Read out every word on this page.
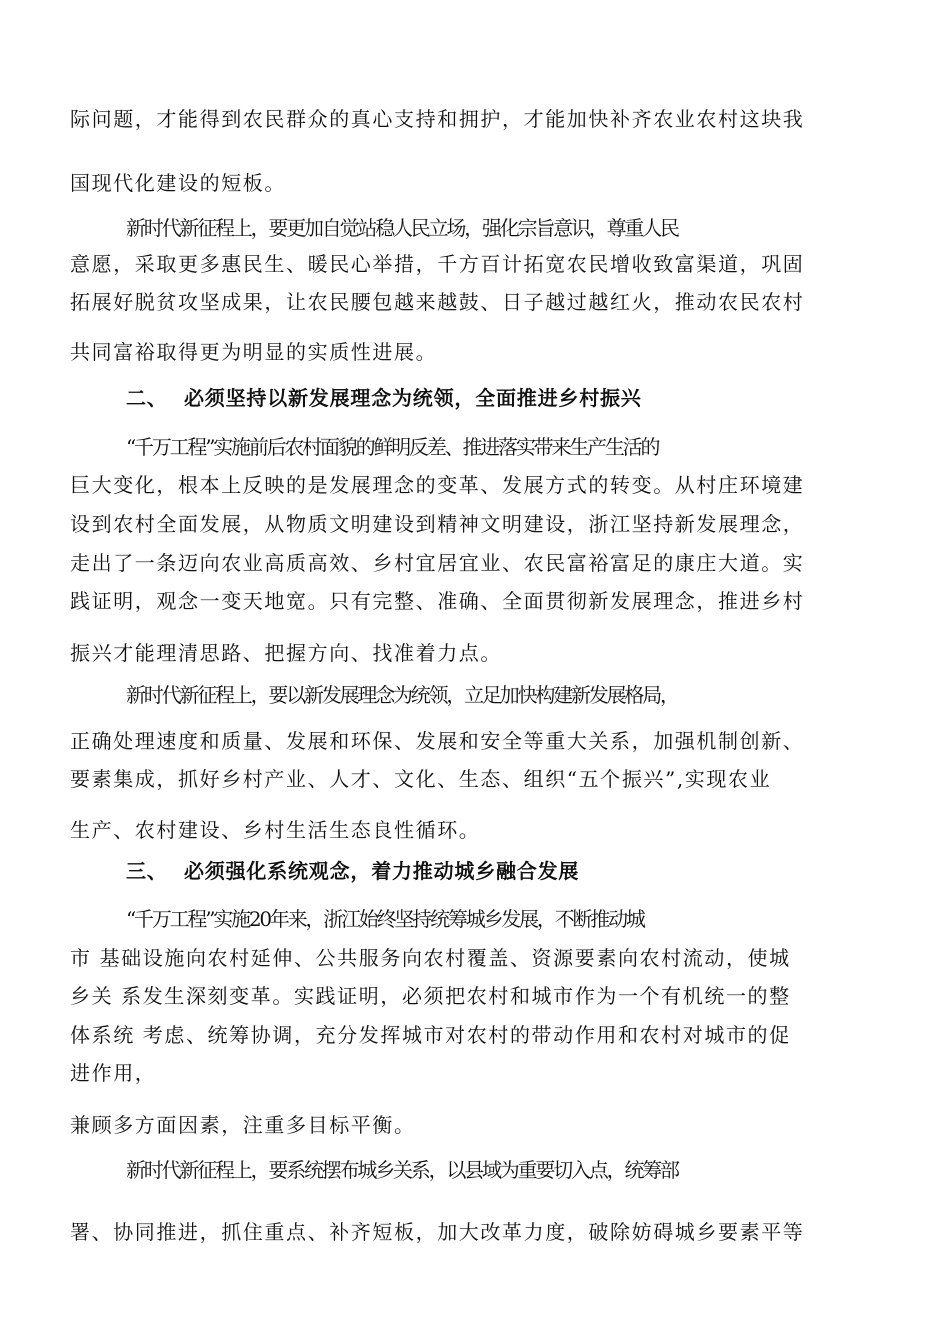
际问题，才能得到农民群众的真心支持和拥护，才能加快补齐农业农村这块我
国现代化建设的短板。
新时代新征程上，要更加自觉站稳人民立场，强化宗旨意识，尊重人民
意愿，采取更多惠民生、暖民心举措，千方百计拓宽农民增收致富渠道，巩固
拓展好脱贫攻坚成果，让农民腰包越来越鼓、日子越过越红火，推动农民农村
共同富裕取得更为明显的实质性进展。
二、 必须坚持以新发展理念为统领，全面推进乡村振兴
“千万工程”实施前后农村面貌的鲜明反差、推进落实带来生产生活的
巨大变化，根本上反映的是发展理念的变革、发展方式的转变。从村庄环境建
设到农村全面发展，从物质文明建设到精神文明建设，浙江坚持新发展理念，
走出了一条迈向农业高质高效、乡村宜居宜业、农民富裕富足的康庄大道。实
践证明，观念一变天地宽。只有完整、准确、全面贯彻新发展理念，推进乡村
振兴才能理清思路、把握方向、找准着力点。
新时代新征程上，要以新发展理念为统领，立足加快构建新发展格局，
正确处理速度和质量、发展和环保、发展和安全等重大关系，加强机制创新、
要素集成，抓好乡村产业、人才、文化、生态、组织“五个振兴”,实现农业
生产、农村建设、乡村生活生态良性循环。
三、 必须强化系统观念，着力推动城乡融合发展
“千万工程”实施20年来，浙江始终坚持统筹城乡发展，不断推动城
市 基础设施向农村延伸、公共服务向农村覆盖、资源要素向农村流动，使城
乡关 系发生深刻变革。实践证明，必须把农村和城市作为一个有机统一的整
体系统 考虑、统筹协调，充分发挥城市对农村的带动作用和农村对城市的促
进作用，
兼顾多方面因素，注重多目标平衡。
新时代新征程上，要系统摆布城乡关系，以县域为重要切入点，统筹部
署、协同推进，抓住重点、补齐短板，加大改革力度，破除妨碍城乡要素平等
